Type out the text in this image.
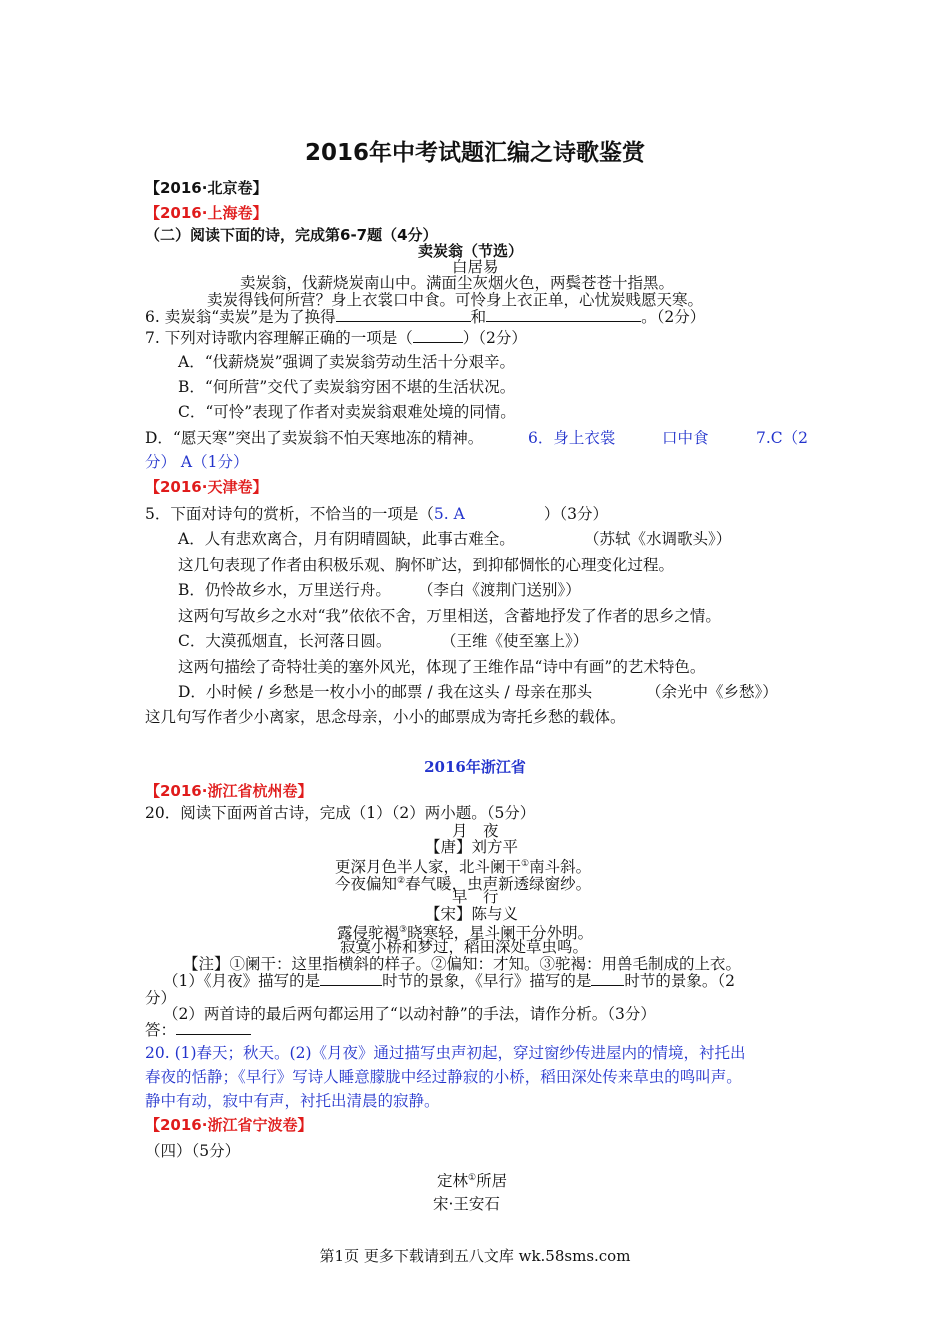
2016年中考试题汇编之诗歌鉴赏
【2016·北京卷】
【2016·上海卷】
（二）阅读下面的诗，完成第6-7题（4分）
卖炭翁（节选）
白居易
卖炭翁，伐薪烧炭南山中。满面尘灰烟火色，两鬓苍苍十指黑。
卖炭得钱何所营？身上衣裳口中食。可怜身上衣正单，心忧炭贱愿天寒。
6. 卖炭翁“卖炭”是为了换得	和	。（2分）
7. 下列对诗歌内容理解正确的一项是（	）（2分）
A．“伐薪烧炭”强调了卖炭翁劳动生活十分艰辛。
B．“何所营”交代了卖炭翁穷困不堪的生活状况。
C．“可怜”表现了作者对卖炭翁艰难处境的同情。
D．“愿天寒”突出了卖炭翁不怕天寒地冻的精神。	6．身上衣裳	口中食	7.C（2
分） A（1分）
【2016·天津卷】
5．下面对诗句的赏析，不恰当的一项是（5. A	）（3分）
A．人有悲欢离合，月有阴晴圆缺，此事古难全。	（苏轼《水调歌头》）
这几句表现了作者由积极乐观、胸怀旷达，到抑郁惆怅的心理变化过程。
B．仍怜故乡水，万里送行舟。 （李白《渡荆门送别》）
这两句写故乡之水对“我”依依不舍，万里相送，含蓄地抒发了作者的思乡之情。
C．大漠孤烟直，长河落日圆。	（王维《使至塞上》）
这两句描绘了奇特壮美的塞外风光，体现了王维作品“诗中有画”的艺术特色。
D．小时候 / 乡愁是一枚小小的邮票 / 我在这头 / 母亲在那头	（余光中《乡愁》）
这几句写作者少小离家，思念母亲，小小的邮票成为寄托乡愁的载体。
2016年浙江省
【2016·浙江省杭州卷】
20．阅读下面两首古诗，完成（1）（2）两小题。（5分）
月　夜
【唐】刘方平
更深月色半人家，北斗阑干①南斗斜。
今夜偏知②春气暖，虫声新透绿窗纱。
早　行
【宋】陈与义
露侵驼褐③晓寒轻，星斗阑干分外明。
寂寞小桥和梦过，稻田深处草虫鸣。
【注】①阑干：这里指横斜的样子。②偏知：才知。③驼褐：用兽毛制成的上衣。
（1）《月夜》描写的是	时节的景象，《早行》描写的是 时节的景象。（2
分）
（2）两首诗的最后两句都运用了“以动衬静”的手法，请作分析。（3分）
答：
20. (1)春天；秋天。(2)《月夜》通过描写虫声初起，穿过窗纱传进屋内的情境，衬托出
春夜的恬静；《早行》写诗人睡意朦胧中经过静寂的小桥，稻田深处传来草虫的鸣叫声。
静中有动，寂中有声，衬托出清晨的寂静。
【2016·浙江省宁波卷】
（四）（5分）
定林①所居
宋·王安石
第1页 更多下载请到五八文库 wk.58sms.com
